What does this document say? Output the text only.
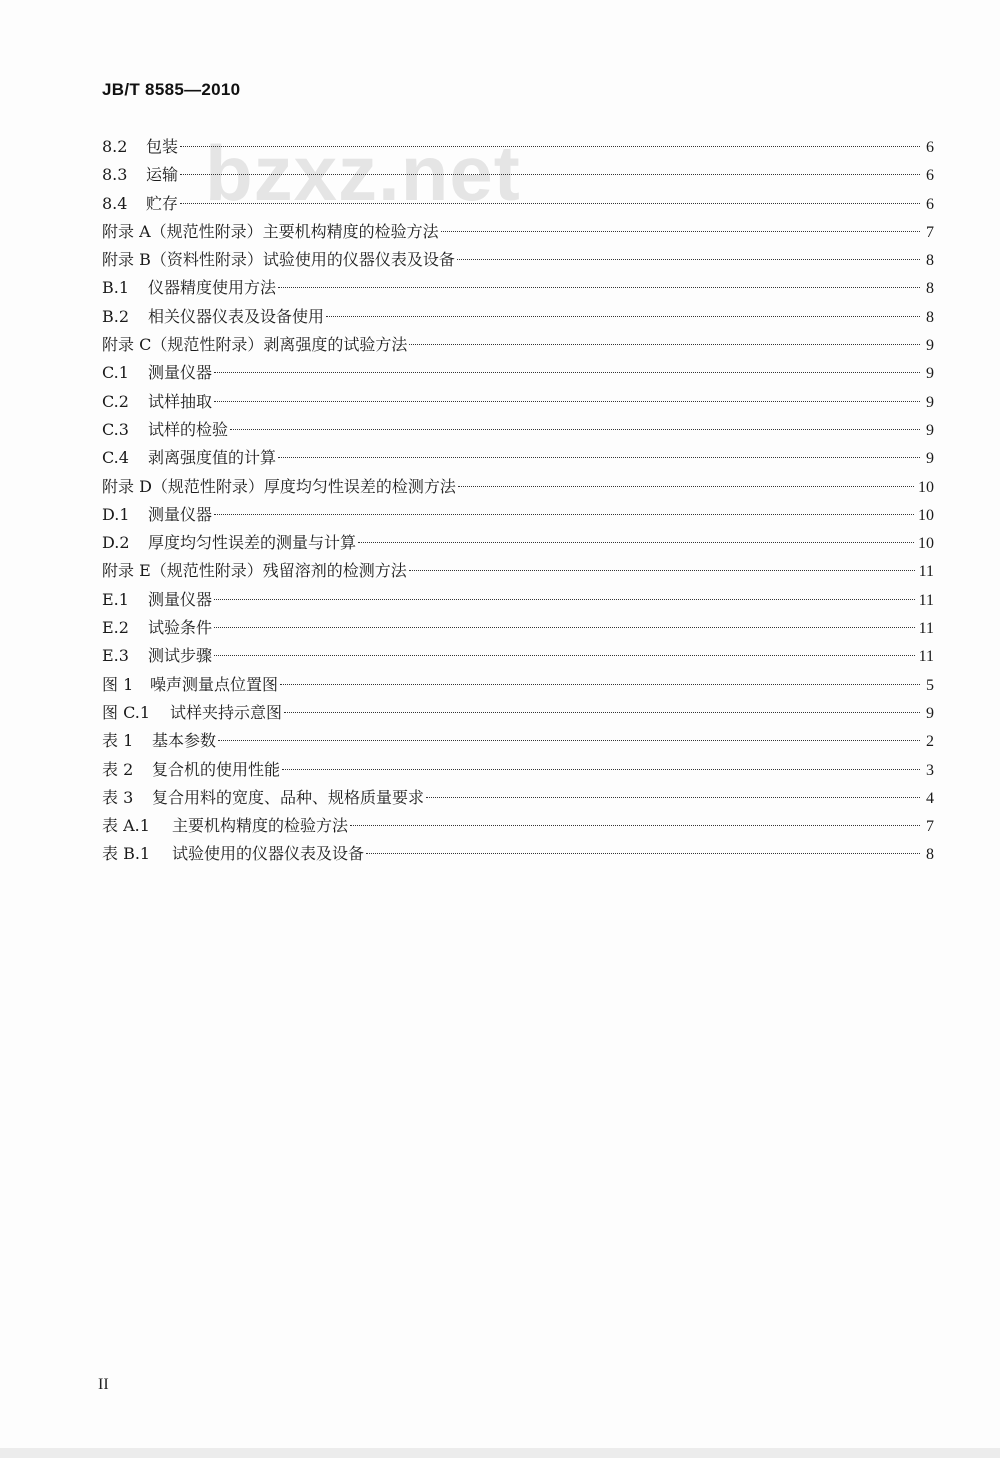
JB/T 8585—2010
bzxz.net
8.2	包装	6
8.3	运输	6
8.4	贮存	6
附录 A（规范性附录）主要机构精度的检验方法	7
附录 B（资料性附录）试验使用的仪器仪表及设备	8
B.1	仪器精度使用方法	8
B.2	相关仪器仪表及设备使用	8
附录 C（规范性附录）剥离强度的试验方法	9
C.1	测量仪器	9
C.2	试样抽取	9
C.3	试样的检验	9
C.4	剥离强度值的计算	9
附录 D（规范性附录）厚度均匀性误差的检测方法	10
D.1	测量仪器	10
D.2	厚度均匀性误差的测量与计算	10
附录 E（规范性附录）残留溶剂的检测方法	11
E.1	测量仪器	11
E.2	试验条件	11
E.3	测试步骤	11
图 1	噪声测量点位置图	5
图 C.1	试样夹持示意图	9
表 1	基本参数	2
表 2	复合机的使用性能	3
表 3	复合用料的宽度、品种、规格质量要求	4
表 A.1	主要机构精度的检验方法	7
表 B.1	试验使用的仪器仪表及设备	8
II
